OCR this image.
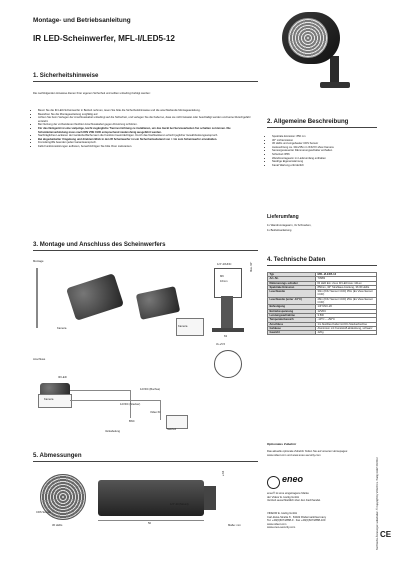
Montage- und Betriebsanleitung
IR LED-Scheinwerfer, MFL-I/LED5-12
1. Sicherheitshinweise
Die nachfolgenden Hinweise dienen Ihrer eigenen Sicherheit und sollten unbedingt befolgt werden:
• Bevor Sie die IR-LED-Scheinwerfer in Betrieb nehmen, lesen Sie bitte die Sicherheitshinweise und die anschließende Montageanleitung.
• Bewahren Sie die Montageanleitung sorgfältig auf.
• Achten Sie beim Verlegen der Anschlusskabel unbedingt auf die Sicherheit, und verlegen Sie die Kabel so, dass sie nicht belastet oder beschädigt werden und keine Rutschgefahr entsteht.
• Bei Nutzung der vorhandenen flexiblen Anschlusskabel gegen Abnutzung schützen.
• Für das Netzgerät ist eine vielpolige, leicht zugängliche Trennvorrichtung zu installieren, um das Gerät bei Servicearbeiten frei schalten zu können. Die Schutzleiterverbindung muss nach DIN VDE 0100 entsprechend niederohmig ausgeführt werden.
• Nachträgliches Lackieren der Gerätoberfläche kann die Funktion beeinträchtigen. Durch das Nachlackieren erlischt jeglicher Gewährleistungsanspruch.
• Bei abgedunkelter Umgebung und direktem Blick in den IR Scheinwerfer ist ein Sicherheitsabstand von > 1m zum Scheinwerfer einzuhalten.
• Fremdeingriffe beenden jeden Garantieanspruch.
• Falls Funktionsstörungen auftreten, benachrichtigen Sie bitte Ihren Lieferanten.
2. Allgemeine Beschreibung
• Spektrale Emission: 850 nm
• 30° Lichtemission
• 36 LEDs und eingebauter CDS Sensor
• Ausleuchtung ca. 30m/35m in IKK/XX-View Kamera
• Sensorgesteuerter Dämmerungsschalter enthalten
• Schutzart IP66
• Wandmontagearm im Lieferumfang enthalten
• Niedrige Eigenerwärmung
• Kanal Wartung erforderlich
Lieferumfang
1x Wandmontagearm, 3x Schrauben,
1x Betriebsanleitung
3. Montage und Anschluss des Scheinwerfers
Montage
Kamera
Kamera
1/4"-20UNC
M6
16mm
Max. 90°
63
3x ⌀5.5
Anschluss
IR LED
Kamera
12VDC (Buchse)
12VDC (Stecker)
Video IN
BNC
Netzteil
Verkabelung
4. Technische Daten
Typ	MFL-I/LED5-12
Art.-Nr.	73983
Dämmerungs-schalter	IR LED Ein: 2Lux IR LED Aus: 10Lux
Spektrale Emission	850nm, 30° Strahlaus-breitung, 36 IR LEDs
Leuchtweite	30m (IKK/ Sensor CCD) 35m (Ex View-Sensor CCD)
Leuchtweite (unter -10°C)	28m (IKK/ Sensor CCD) 25m (Ex View-Sensor CCD)
Befestigung	1/4"UNC-20
Betriebsspannung	12VDC
Leistungsaufnahme	3.5W
Temperaturbereich	-10°C – +50°C
Anschluss	1m flexibles Kabel mit DC-Steckerbuchse
Gehäuse	Aluminium mit Kunststoff-abdeckung, schwarz
Gewicht	420g
Optionales Zubehör
Das aktuelle optionale Zubehör finden Sie auf unseren Homepages: www.videor.com und www.eneo-security.com
5. Abmessungen
CDS Sensor
36 LEDs
⌀ 64
1/4"-20 (Mount)
50
Maße: mm
eneo
eneo® ist eine eingetragene Marke
der Videor E. Hartig GmbH
Vertrieb ausschließlich über den Fachhandel.
VIDEOR E. Hartig GmbH
Carl-Zeiss-Straße 8 · 63322 Rödermark/Germany
Tel. +49(0)6074/888-0 · Fax +49(0)6074/888-100
www.videor.com
www.eneo-security.com	Technische Änderungen vorbehalten. © Copyright by VIDEOR E. Hartig GmbH 04/2012 CE
